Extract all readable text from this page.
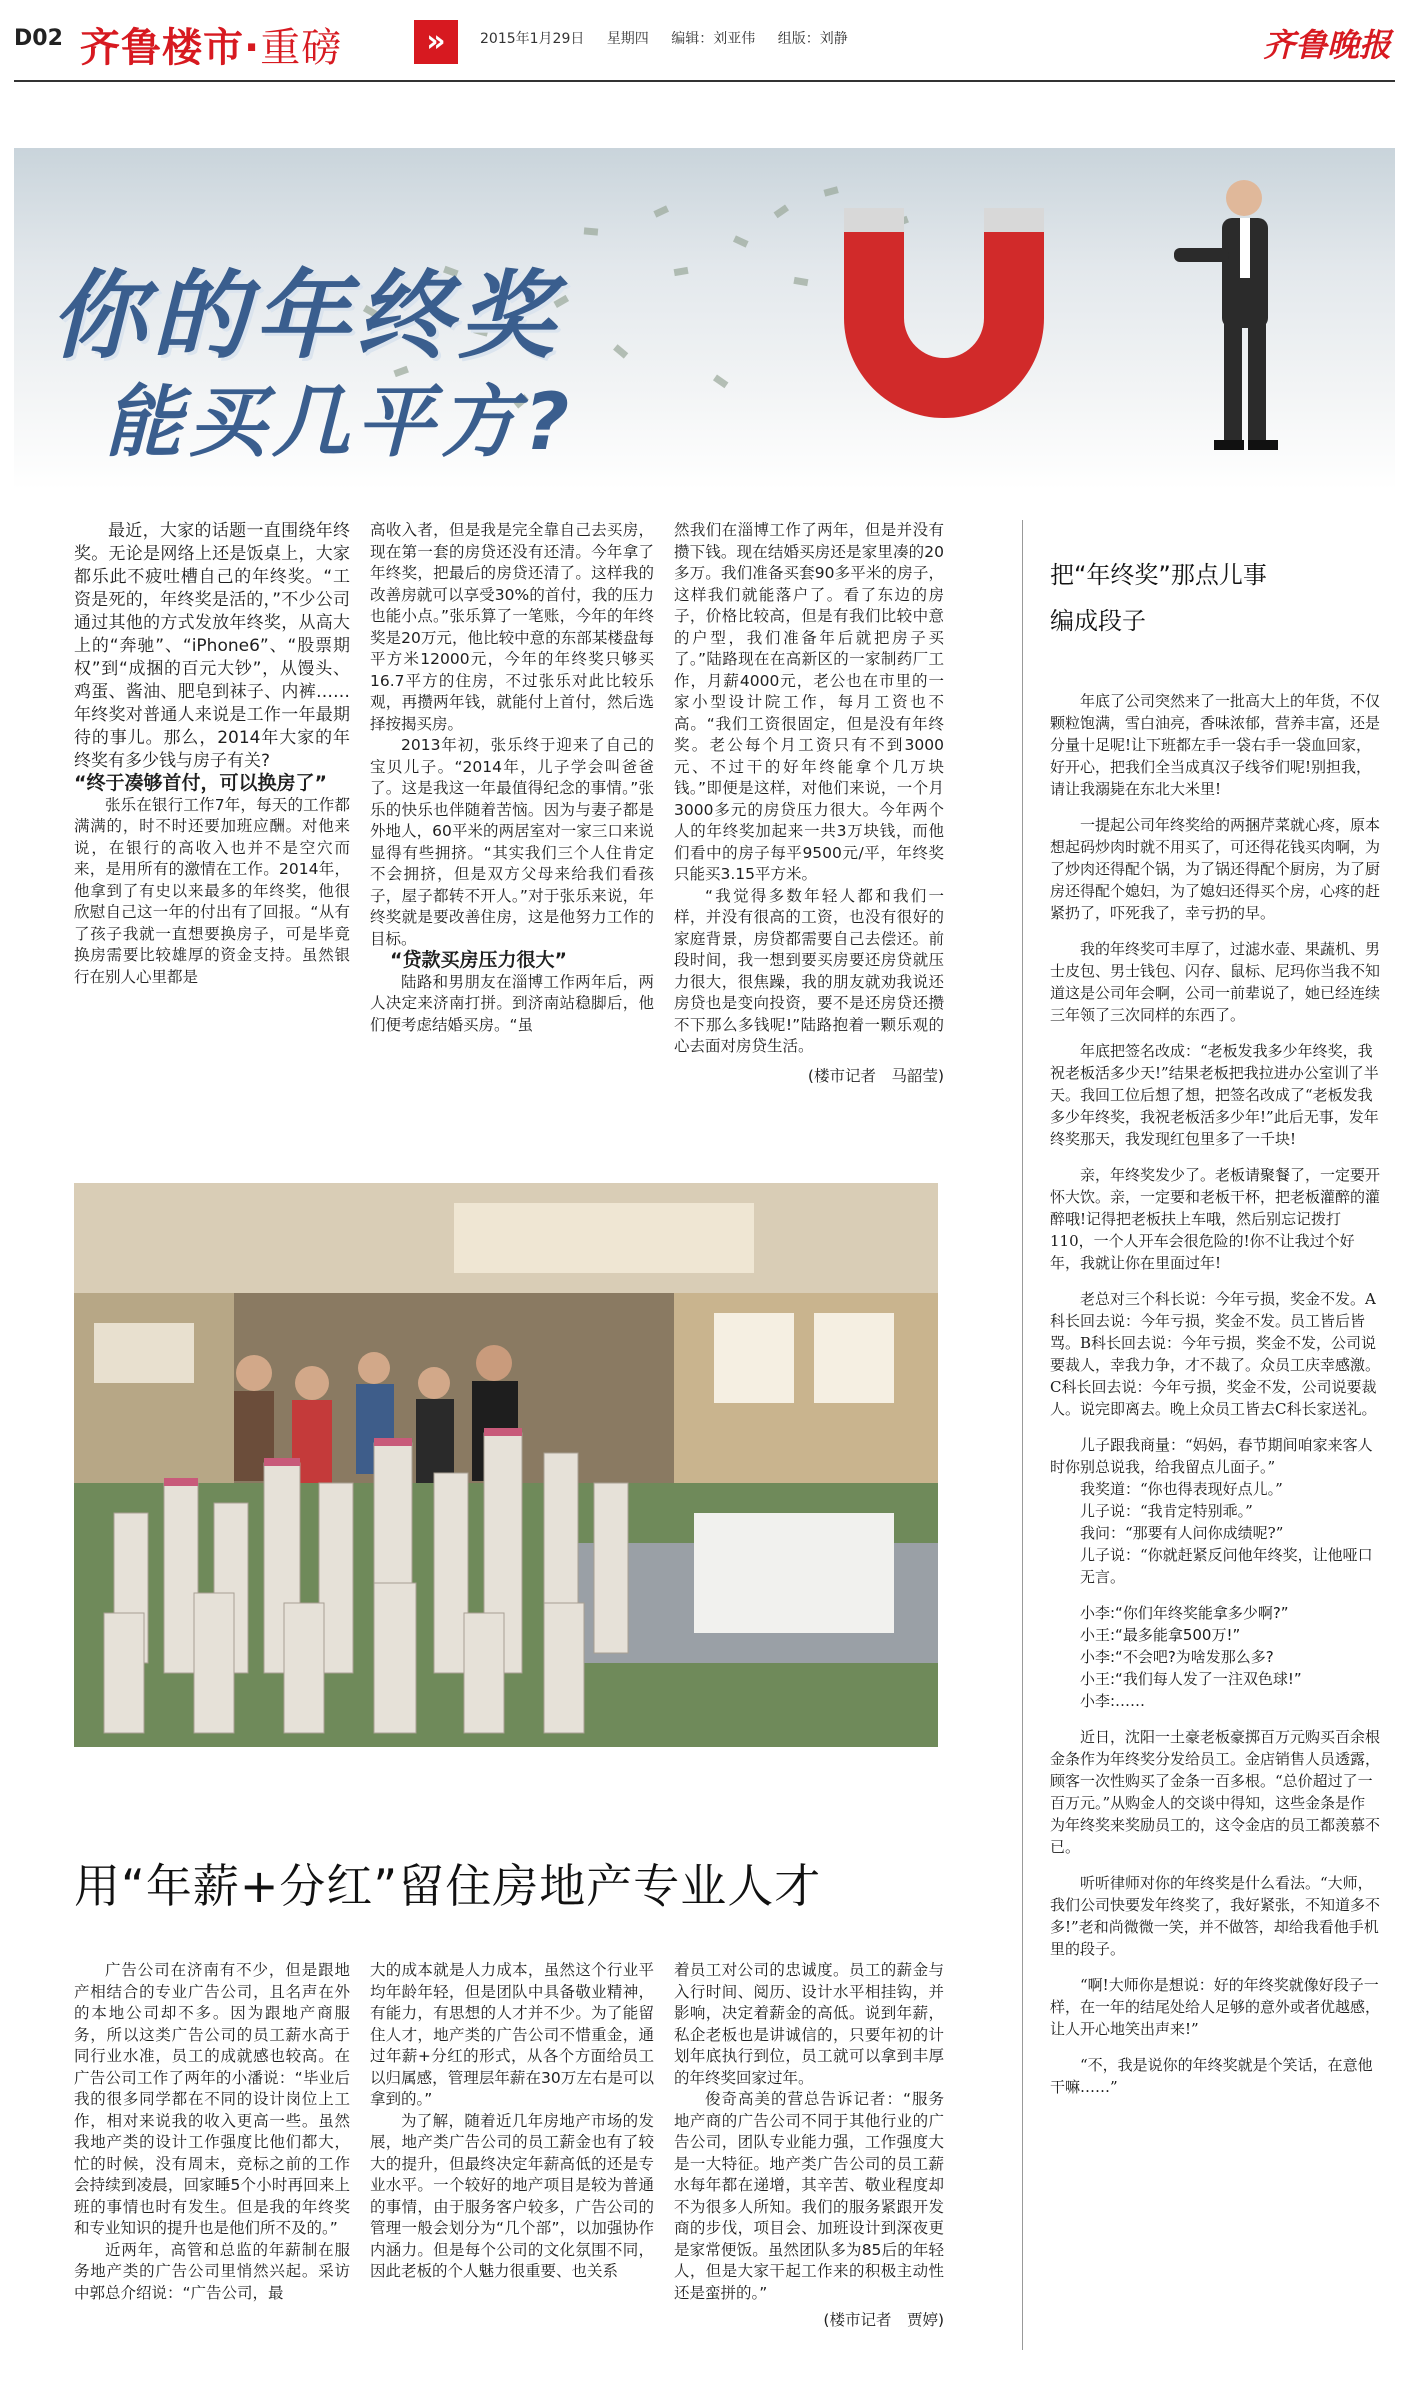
D02 齐鲁楼市·重磅	»	2015年1月29日 星期四 编辑：刘亚伟 组版：刘静	齐鲁晚报
你的年终奖
能买几平方?

最近，大家的话题一直围绕年终奖。无论是网络上还是饭桌上，大家都乐此不疲吐槽自己的年终奖。“工资是死的，年终奖是活的，”不少公司通过其他的方式发放年终奖，从高大上的“奔驰”、“iPhone6”、“股票期权”到“成捆的百元大钞”，从馒头、鸡蛋、酱油、肥皂到袜子、内裤……年终奖对普通人来说是工作一年最期待的事儿。那么，2014年大家的年终奖有多少钱与房子有关?

“终于凑够首付，可以换房了”

张乐在银行工作7年，每天的工作都满满的，时不时还要加班应酬。对他来说，在银行的高收入也并不是空穴而来，是用所有的激情在工作。2014年，他拿到了有史以来最多的年终奖，他很欣慰自己这一年的付出有了回报。“从有了孩子我就一直想要换房子，可是毕竟换房需要比较雄厚的资金支持。虽然银行在别人心里都是

高收入者，但是我是完全靠自己去买房，现在第一套的房贷还没有还清。今年拿了年终奖，把最后的房贷还清了。这样我的改善房就可以享受30%的首付，我的压力也能小点。”张乐算了一笔账，今年的年终奖是20万元，他比较中意的东部某楼盘每平方米12000元，今年的年终奖只够买16.7平方的住房，不过张乐对此比较乐观，再攒两年钱，就能付上首付，然后选择按揭买房。

2013年初，张乐终于迎来了自己的宝贝儿子。“2014年，儿子学会叫爸爸了。这是我这一年最值得纪念的事情。”张乐的快乐也伴随着苦恼。因为与妻子都是外地人，60平米的两居室对一家三口来说显得有些拥挤。“其实我们三个人住肯定不会拥挤，但是双方父母来给我们看孩子，屋子都转不开人。”对于张乐来说，年终奖就是要改善住房，这是他努力工作的目标。

“贷款买房压力很大”

陆路和男朋友在淄博工作两年后，两人决定来济南打拼。到济南站稳脚后，他们便考虑结婚买房。“虽

然我们在淄博工作了两年，但是并没有攒下钱。现在结婚买房还是家里凑的20多万。我们准备买套90多平米的房子，这样我们就能落户了。看了东边的房子，价格比较高，但是有我们比较中意的户型，我们准备年后就把房子买了。”陆路现在在高新区的一家制药厂工作，月薪4000元，老公也在市里的一家小型设计院工作，每月工资也不高。“我们工资很固定，但是没有年终奖。老公每个月工资只有不到3000元、不过干的好年终能拿个几万块钱。”即便是这样，对他们来说，一个月3000多元的房贷压力很大。今年两个人的年终奖加起来一共3万块钱，而他们看中的房子每平9500元/平，年终奖只能买3.15平方米。

“我觉得多数年轻人都和我们一样，并没有很高的工资，也没有很好的家庭背景，房贷都需要自己去偿还。前段时间，我一想到要买房要还房贷就压力很大，很焦躁，我的朋友就劝我说还房贷也是变向投资，要不是还房贷还攒不下那么多钱呢!”陆路抱着一颗乐观的心去面对房贷生活。

(楼市记者　马韶莹)

把“年终奖”那点儿事
编成段子

年底了公司突然来了一批高大上的年货，不仅颗粒饱满，雪白油亮，香味浓郁，营养丰富，还是分量十足呢!让下班都左手一袋右手一袋血回家，好开心，把我们全当成真汉子线爷们呢!别担我，请让我溺毙在东北大米里!

一提起公司年终奖给的两捆芹菜就心疼，原本想起码炒肉时就不用买了，可还得花钱买肉啊，为了炒肉还得配个锅，为了锅还得配个厨房，为了厨房还得配个媳妇，为了媳妇还得买个房，心疼的赶紧扔了，吓死我了，幸亏扔的早。

我的年终奖可丰厚了，过滤水壶、果蔬机、男士皮包、男士钱包、闪存、鼠标、尼玛你当我不知道这是公司年会啊，公司一前辈说了，她已经连续三年领了三次同样的东西了。

年底把签名改成：“老板发我多少年终奖，我祝老板活多少天!”结果老板把我拉进办公室训了半天。我回工位后想了想，把签名改成了“老板发我多少年终奖，我祝老板活多少年!”此后无事，发年终奖那天，我发现红包里多了一千块!

亲，年终奖发少了。老板请聚餐了，一定要开怀大饮。亲，一定要和老板干杯，把老板灌醉的灌醉哦!记得把老板扶上车哦，然后别忘记拨打110，一个人开车会很危险的!你不让我过个好年，我就让你在里面过年!

老总对三个科长说：今年亏损，奖金不发。A科长回去说：今年亏损，奖金不发。员工皆后皆骂。B科长回去说：今年亏损，奖金不发，公司说要裁人，幸我力争，才不裁了。众员工庆幸感激。C科长回去说：今年亏损，奖金不发，公司说要裁人。说完即离去。晚上众员工皆去C科长家送礼。

儿子跟我商量：“妈妈，春节期间咱家来客人时你别总说我，给我留点儿面子。”

我奖道：“你也得表现好点儿。”

儿子说：“我肯定特别乖。”

我问：“那要有人问你成绩呢?”

儿子说：“你就赶紧反问他年终奖，让他哑口无言。

小李:“你们年终奖能拿多少啊?”

小王:“最多能拿500万!”

小李:“不会吧?为啥发那么多?

小王:“我们每人发了一注双色球!”

小李:……

近日，沈阳一土豪老板豪掷百万元购买百余根金条作为年终奖分发给员工。金店销售人员透露，顾客一次性购买了金条一百多根。“总价超过了一百万元。”从购金人的交谈中得知，这些金条是作为年终奖来奖励员工的，这令金店的员工都羡慕不已。

听听律师对你的年终奖是什么看法。“大师，我们公司快要发年终奖了，我好紧张，不知道多不多!”老和尚微微一笑，并不做答，却给我看他手机里的段子。

“啊!大师你是想说：好的年终奖就像好段子一样，在一年的结尾处给人足够的意外或者优越感，让人开心地笑出声来!”

“不，我是说你的年终奖就是个笑话，在意他干嘛……”

用“年薪+分红”留住房地产专业人才

广告公司在济南有不少，但是跟地产相结合的专业广告公司，且名声在外的本地公司却不多。因为跟地产商服务，所以这类广告公司的员工薪水高于同行业水准，员工的成就感也较高。在广告公司工作了两年的小潘说：“毕业后我的很多同学都在不同的设计岗位上工作，相对来说我的收入更高一些。虽然我地产类的设计工作强度比他们都大，忙的时候，没有周末，竞标之前的工作会持续到凌晨，回家睡5个小时再回来上班的事情也时有发生。但是我的年终奖和专业知识的提升也是他们所不及的。”

近两年，高管和总监的年薪制在服务地产类的广告公司里悄然兴起。采访中郭总介绍说：“广告公司，最

大的成本就是人力成本，虽然这个行业平均年龄年轻，但是团队中具备敬业精神，有能力，有思想的人才并不少。为了能留住人才，地产类的广告公司不惜重金，通过年薪+分红的形式，从各个方面给员工以归属感，管理层年薪在30万左右是可以拿到的。”

为了解，随着近几年房地产市场的发展，地产类广告公司的员工薪金也有了较大的提升，但最终决定年薪高低的还是专业水平。一个较好的地产项目是较为普通的事情，由于服务客户较多，广告公司的管理一般会划分为“几个部”，以加强协作内涵力。但是每个公司的文化氛围不同，因此老板的个人魅力很重要、也关系

着员工对公司的忠诚度。员工的薪金与入行时间、阅历、设计水平相挂钩，并影响，决定着薪金的高低。说到年薪，私企老板也是讲诚信的，只要年初的计划年底执行到位，员工就可以拿到丰厚的年终奖回家过年。

俊奇高美的营总告诉记者：“服务地产商的广告公司不同于其他行业的广告公司，团队专业能力强，工作强度大是一大特征。地产类广告公司的员工薪水每年都在递增，其辛苦、敬业程度却不为很多人所知。我们的服务紧跟开发商的步伐，项目会、加班设计到深夜更是家常便饭。虽然团队多为85后的年轻人，但是大家干起工作来的积极主动性还是蛮拼的。”

(楼市记者　贾婷)
